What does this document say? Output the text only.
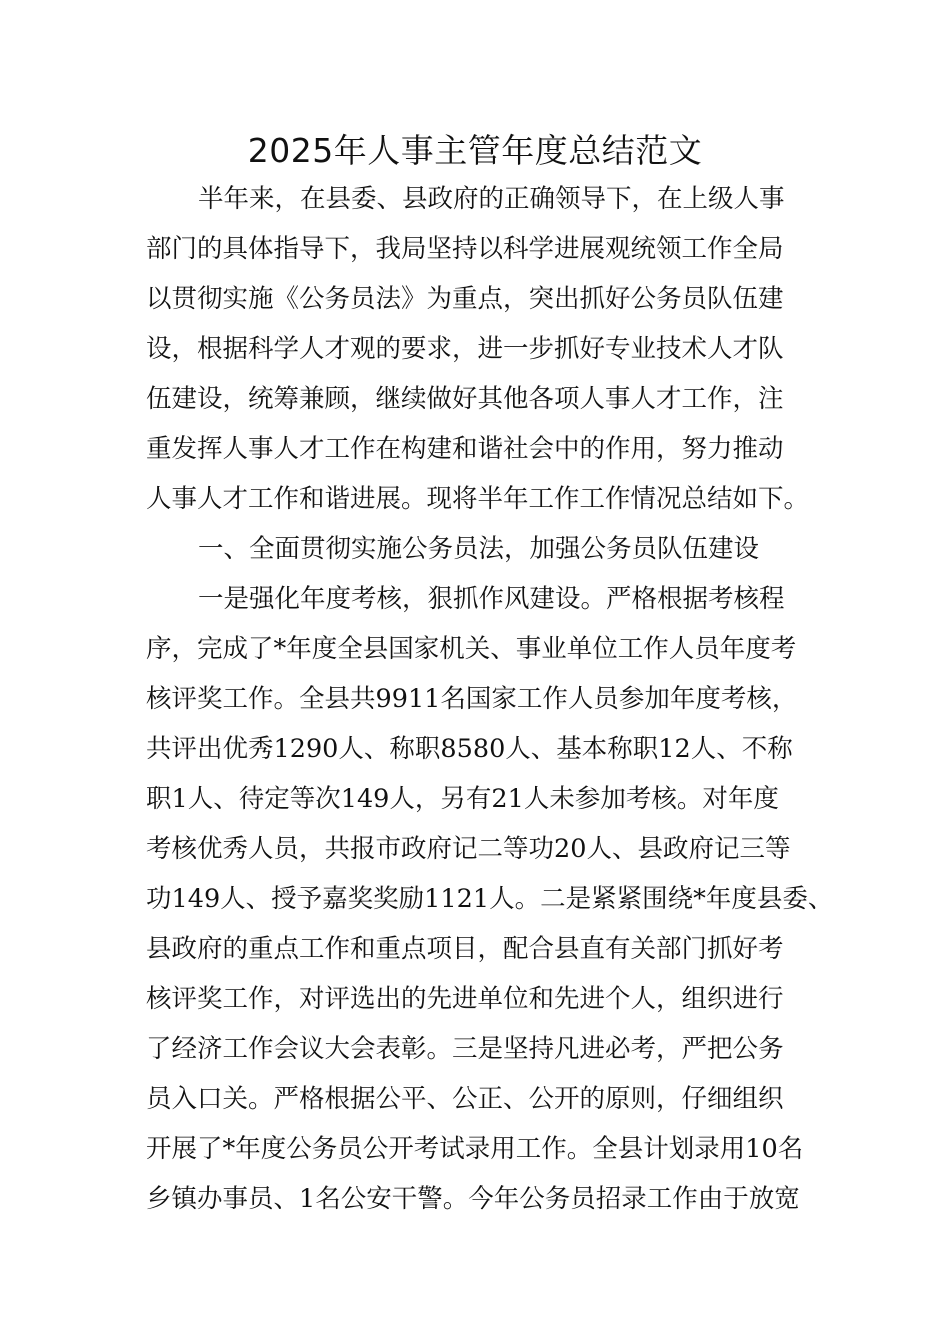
2025年人事主管年度总结范文
半年来，在县委、县政府的正确领导下，在上级人事
部门的具体指导下，我局坚持以科学进展观统领工作全局
以贯彻实施《公务员法》为重点，突出抓好公务员队伍建
设，根据科学人才观的要求，进一步抓好专业技术人才队
伍建设，统筹兼顾，继续做好其他各项人事人才工作，注
重发挥人事人才工作在构建和谐社会中的作用，努力推动
人事人才工作和谐进展。现将半年工作工作情况总结如下。
一、全面贯彻实施公务员法，加强公务员队伍建设
一是强化年度考核，狠抓作风建设。严格根据考核程
序，完成了*年度全县国家机关、事业单位工作人员年度考
核评奖工作。全县共9911名国家工作人员参加年度考核，
共评出优秀1290人、称职8580人、基本称职12人、不称
职1人、待定等次149人，另有21人未参加考核。对年度
考核优秀人员，共报市政府记二等功20人、县政府记三等
功149人、授予嘉奖奖励1121人。二是紧紧围绕*年度县委、
县政府的重点工作和重点项目，配合县直有关部门抓好考
核评奖工作，对评选出的先进单位和先进个人，组织进行
了经济工作会议大会表彰。三是坚持凡进必考，严把公务
员入口关。严格根据公平、公正、公开的原则，仔细组织
开展了*年度公务员公开考试录用工作。全县计划录用10名
乡镇办事员、1名公安干警。今年公务员招录工作由于放宽
